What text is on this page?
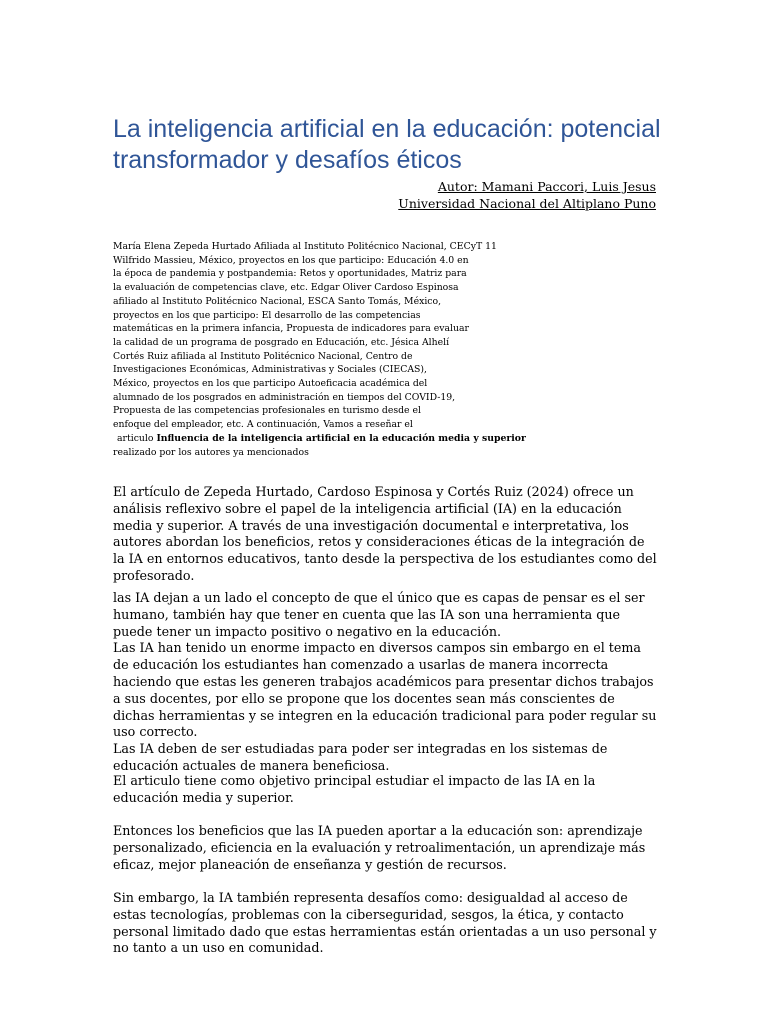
La inteligencia artificial en la educación: potencial transformador y desafíos éticos
Autor: Mamani Paccori, Luis Jesus
Universidad Nacional del Altiplano Puno
María Elena Zepeda Hurtado Afiliada al Instituto Politécnico Nacional, CECyT 11
Wilfrido Massieu, México, proyectos en los que participo: Educación 4.0 en
la época de pandemia y postpandemia: Retos y oportunidades, Matriz para
la evaluación de competencias clave, etc. Edgar Oliver Cardoso Espinosa
afiliado al Instituto Politécnico Nacional, ESCA Santo Tomás, México,
proyectos en los que participo: El desarrollo de las competencias
matemáticas en la primera infancia, Propuesta de indicadores para evaluar
la calidad de un programa de posgrado en Educación, etc. Jésica Alhelí
Cortés Ruiz afiliada al Instituto Politécnico Nacional, Centro de
Investigaciones Económicas, Administrativas y Sociales (CIECAS),
México, proyectos en los que participo Autoeficacia académica del
alumnado de los posgrados en administración en tiempos del COVID-19,
Propuesta de las competencias profesionales en turismo desde el
enfoque del empleador, etc. A continuación, Vamos a reseñar el
articulo Influencia de la inteligencia artificial en la educación media y superior
realizado por los autores ya mencionados

El artículo de Zepeda Hurtado, Cardoso Espinosa y Cortés Ruiz (2024) ofrece un análisis reflexivo sobre el papel de la inteligencia artificial (IA) en la educación media y superior. A través de una investigación documental e interpretativa, los autores abordan los beneficios, retos y consideraciones éticas de la integración de la IA en entornos educativos, tanto desde la perspectiva de los estudiantes como del profesorado.

las IA dejan a un lado el concepto de que el único que es capas de pensar es el ser humano, también hay que tener en cuenta que las IA son una herramienta que puede tener un impacto positivo o negativo en la educación.
Las IA han tenido un enorme impacto en diversos campos sin embargo en el tema de educación los estudiantes han comenzado a usarlas de manera incorrecta haciendo que estas les generen trabajos académicos para presentar dichos trabajos a sus docentes, por ello se propone que los docentes sean más conscientes de dichas herramientas y se integren en la educación tradicional para poder regular su uso correcto.
Las IA deben de ser estudiadas para poder ser integradas en los sistemas de educación actuales de manera beneficiosa.

El articulo tiene como objetivo principal estudiar el impacto de las IA en la educación media y superior.

Entonces los beneficios que las IA pueden aportar a la educación son: aprendizaje personalizado, eficiencia en la evaluación y retroalimentación, un aprendizaje más eficaz, mejor planeación de enseñanza y gestión de recursos.

Sin embargo, la IA también representa desafíos como: desigualdad al acceso de estas tecnologías, problemas con la ciberseguridad, sesgos, la ética, y contacto personal limitado dado que estas herramientas están orientadas a un uso personal y no tanto a un uso en comunidad.
